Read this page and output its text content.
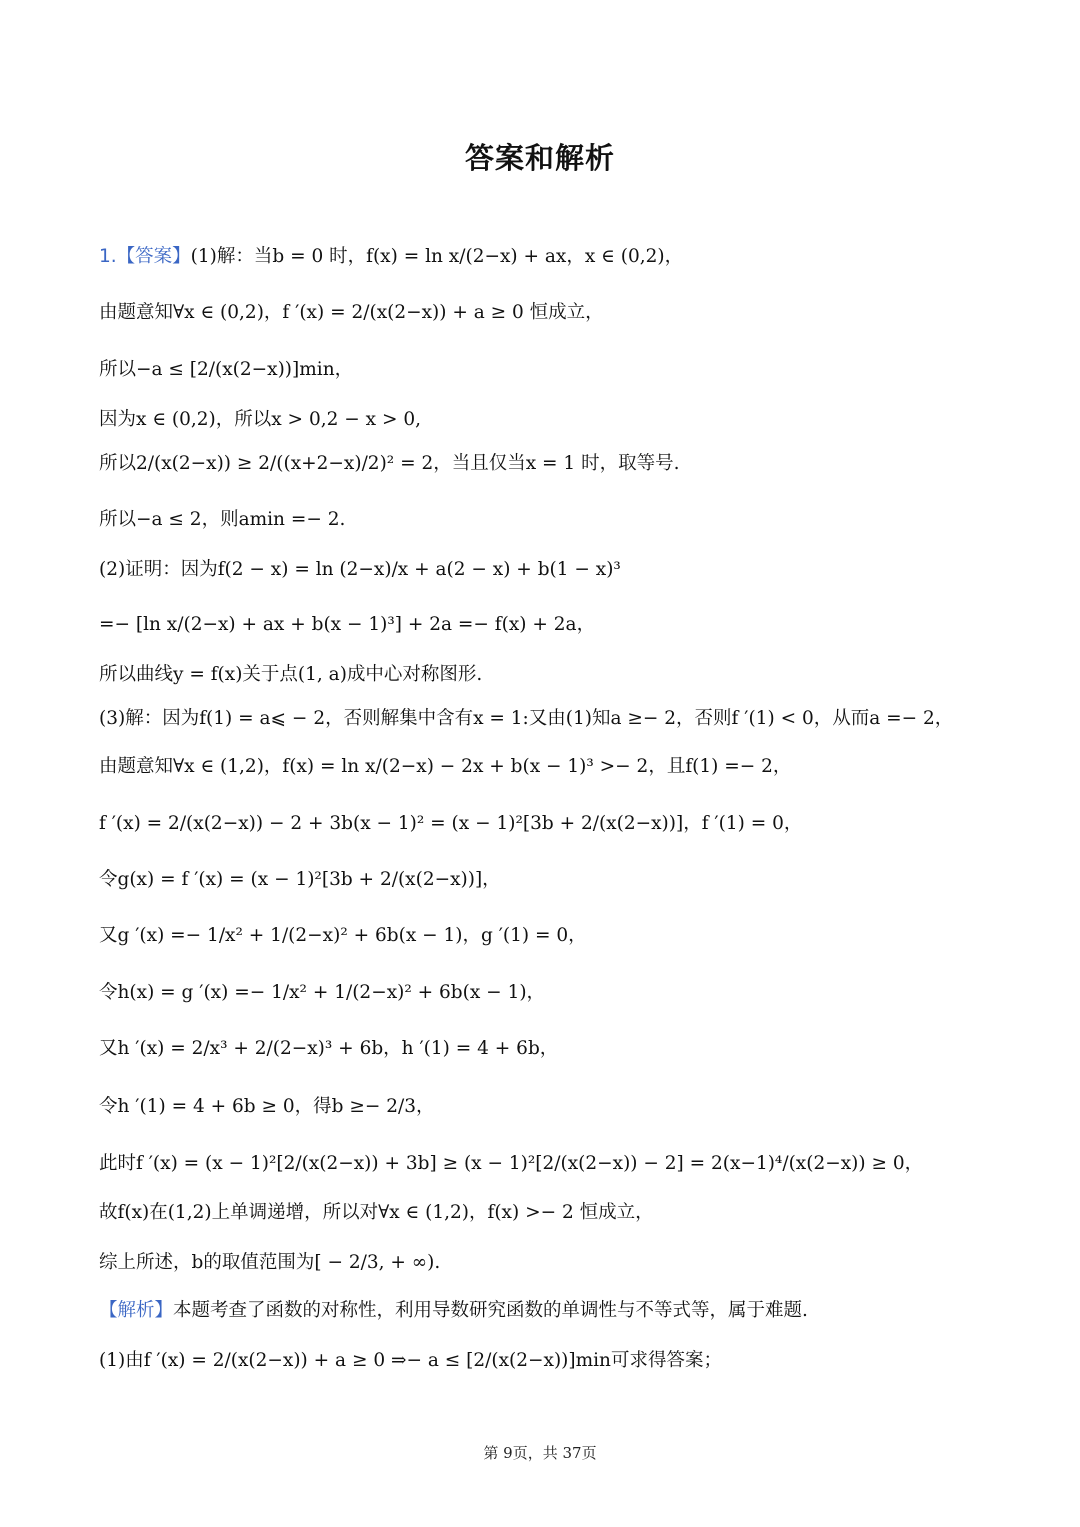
答案和解析
1.【答案】(1)解：当b = 0 时，f(x) = ln x/(2−x) + ax，x ∈ (0,2)，
由题意知∀x ∈ (0,2)，f ′(x) = 2/(x(2−x)) + a ≥ 0 恒成立，
所以−a ≤ [2/(x(2−x))]min，
因为x ∈ (0,2)，所以x > 0,2 − x > 0,
所以2/(x(2−x)) ≥ 2/((x+2−x)/2)² = 2，当且仅当x = 1 时，取等号.
所以−a ≤ 2，则amin =− 2.
(2)证明：因为f(2 − x) = ln (2−x)/x + a(2 − x) + b(1 − x)³
=− [ln x/(2−x) + ax + b(x − 1)³] + 2a =− f(x) + 2a，
所以曲线y = f(x)关于点(1, a)成中心对称图形.
(3)解：因为f(1) = a⩽ − 2，否则解集中含有x = 1:又由(1)知a ≥− 2，否则f ′(1) < 0，从而a =− 2，
由题意知∀x ∈ (1,2)，f(x) = ln x/(2−x) − 2x + b(x − 1)³ >− 2，且f(1) =− 2，
f ′(x) = 2/(x(2−x)) − 2 + 3b(x − 1)² = (x − 1)²[3b + 2/(x(2−x))]，f ′(1) = 0，
令g(x) = f ′(x) = (x − 1)²[3b + 2/(x(2−x))]，
又g ′(x) =− 1/x² + 1/(2−x)² + 6b(x − 1)，g ′(1) = 0，
令h(x) = g ′(x) =− 1/x² + 1/(2−x)² + 6b(x − 1)，
又h ′(x) = 2/x³ + 2/(2−x)³ + 6b，h ′(1) = 4 + 6b，
令h ′(1) = 4 + 6b ≥ 0，得b ≥− 2/3，
此时f ′(x) = (x − 1)²[2/(x(2−x)) + 3b] ≥ (x − 1)²[2/(x(2−x)) − 2] = 2(x−1)⁴/(x(2−x)) ≥ 0，
故f(x)在(1,2)上单调递增，所以对∀x ∈ (1,2)，f(x) >− 2 恒成立，
综上所述，b的取值范围为[ − 2/3, + ∞).
【解析】本题考查了函数的对称性，利用导数研究函数的单调性与不等式等，属于难题.
(1)由f ′(x) = 2/(x(2−x)) + a ≥ 0 ⇒− a ≤ [2/(x(2−x))]min可求得答案；
第 9页，共 37页
